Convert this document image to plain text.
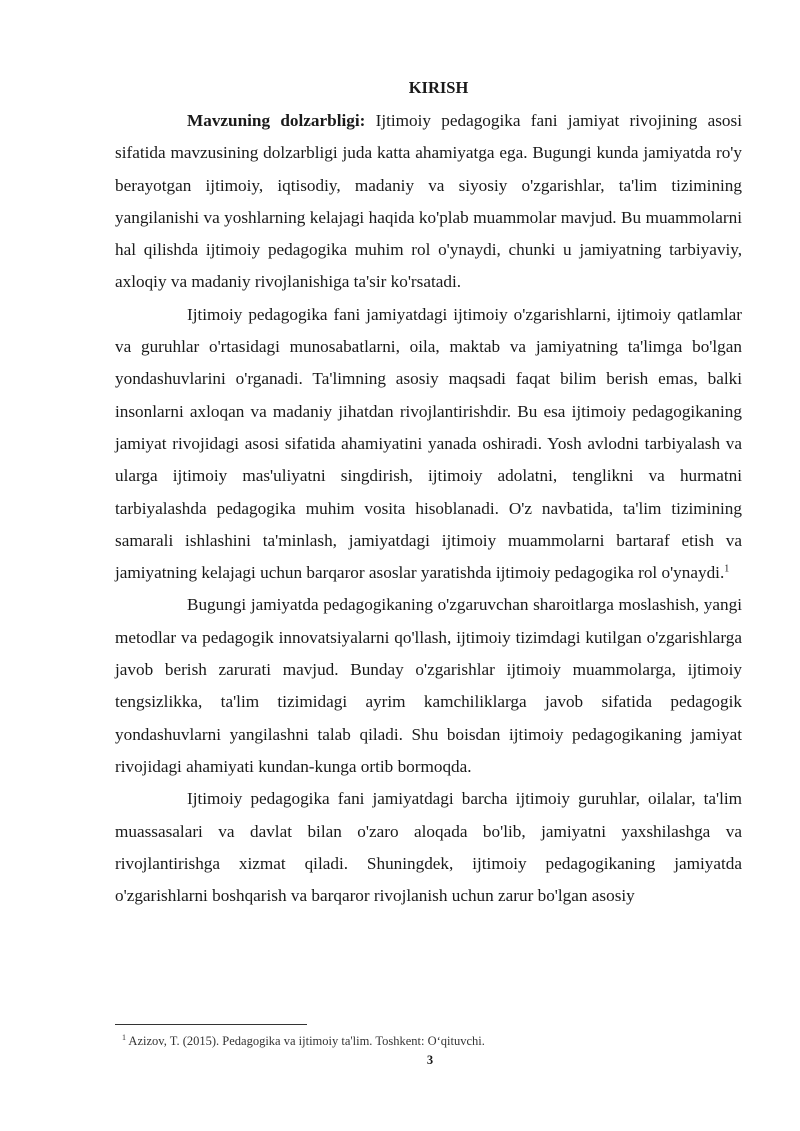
KIRISH

Mavzuning dolzarbligi: Ijtimoiy pedagogika fani jamiyat rivojining asosi sifatida mavzusining dolzarbligi juda katta ahamiyatga ega. Bugungi kunda jamiyatda ro'y berayotgan ijtimoiy, iqtisodiy, madaniy va siyosiy o'zgarishlar, ta'lim tizimining yangilanishi va yoshlarning kelajagi haqida ko'plab muammolar mavjud. Bu muammolarni hal qilishda ijtimoiy pedagogika muhim rol o'ynaydi, chunki u jamiyatning tarbiyaviy, axloqiy va madaniy rivojlanishiga ta'sir ko'rsatadi.

Ijtimoiy pedagogika fani jamiyatdagi ijtimoiy o'zgarishlarni, ijtimoiy qatlamlar va guruhlar o'rtasidagi munosabatlarni, oila, maktab va jamiyatning ta'limga bo'lgan yondashuvlarini o'rganadi. Ta'limning asosiy maqsadi faqat bilim berish emas, balki insonlarni axloqan va madaniy jihatdan rivojlantirishdir. Bu esa ijtimoiy pedagogikaning jamiyat rivojidagi asosi sifatida ahamiyatini yanada oshiradi. Yosh avlodni tarbiyalash va ularga ijtimoiy mas'uliyatni singdirish, ijtimoiy adolatni, tenglikni va hurmatni tarbiyalashda pedagogika muhim vosita hisoblanadi. O'z navbatida, ta'lim tizimining samarali ishlashini ta'minlash, jamiyatdagi ijtimoiy muammolarni bartaraf etish va jamiyatning kelajagi uchun barqaror asoslar yaratishda ijtimoiy pedagogika rol o'ynaydi.$^1$

Bugungi jamiyatda pedagogikaning o'zgaruvchan sharoitlarga moslashish, yangi metodlar va pedagogik innovatsiyalarni qo'llash, ijtimoiy tizimdagi kutilgan o'zgarishlarga javob berish zarurati mavjud. Bunday o'zgarishlar ijtimoiy muammolarga, ijtimoiy tengsizlikka, ta'lim tizimidagi ayrim kamchiliklarga javob sifatida pedagogik yondashuvlarni yangilashni talab qiladi. Shu boisdan ijtimoiy pedagogikaning jamiyat rivojidagi ahamiyati kundan-kunga ortib bormoqda.

Ijtimoiy pedagogika fani jamiyatdagi barcha ijtimoiy guruhlar, oilalar, ta'lim muassasalari va davlat bilan o'zaro aloqada bo'lib, jamiyatni yaxshilashga va rivojlantirishga xizmat qiladi. Shuningdek, ijtimoiy pedagogikaning jamiyatda o'zgarishlarni boshqarish va barqaror rivojlanish uchun zarur bo'lgan asosiy

$^1$ Azizov, T. (2015). Pedagogika va ijtimoiy ta'lim. Toshkent: O‘qituvchi.
3
